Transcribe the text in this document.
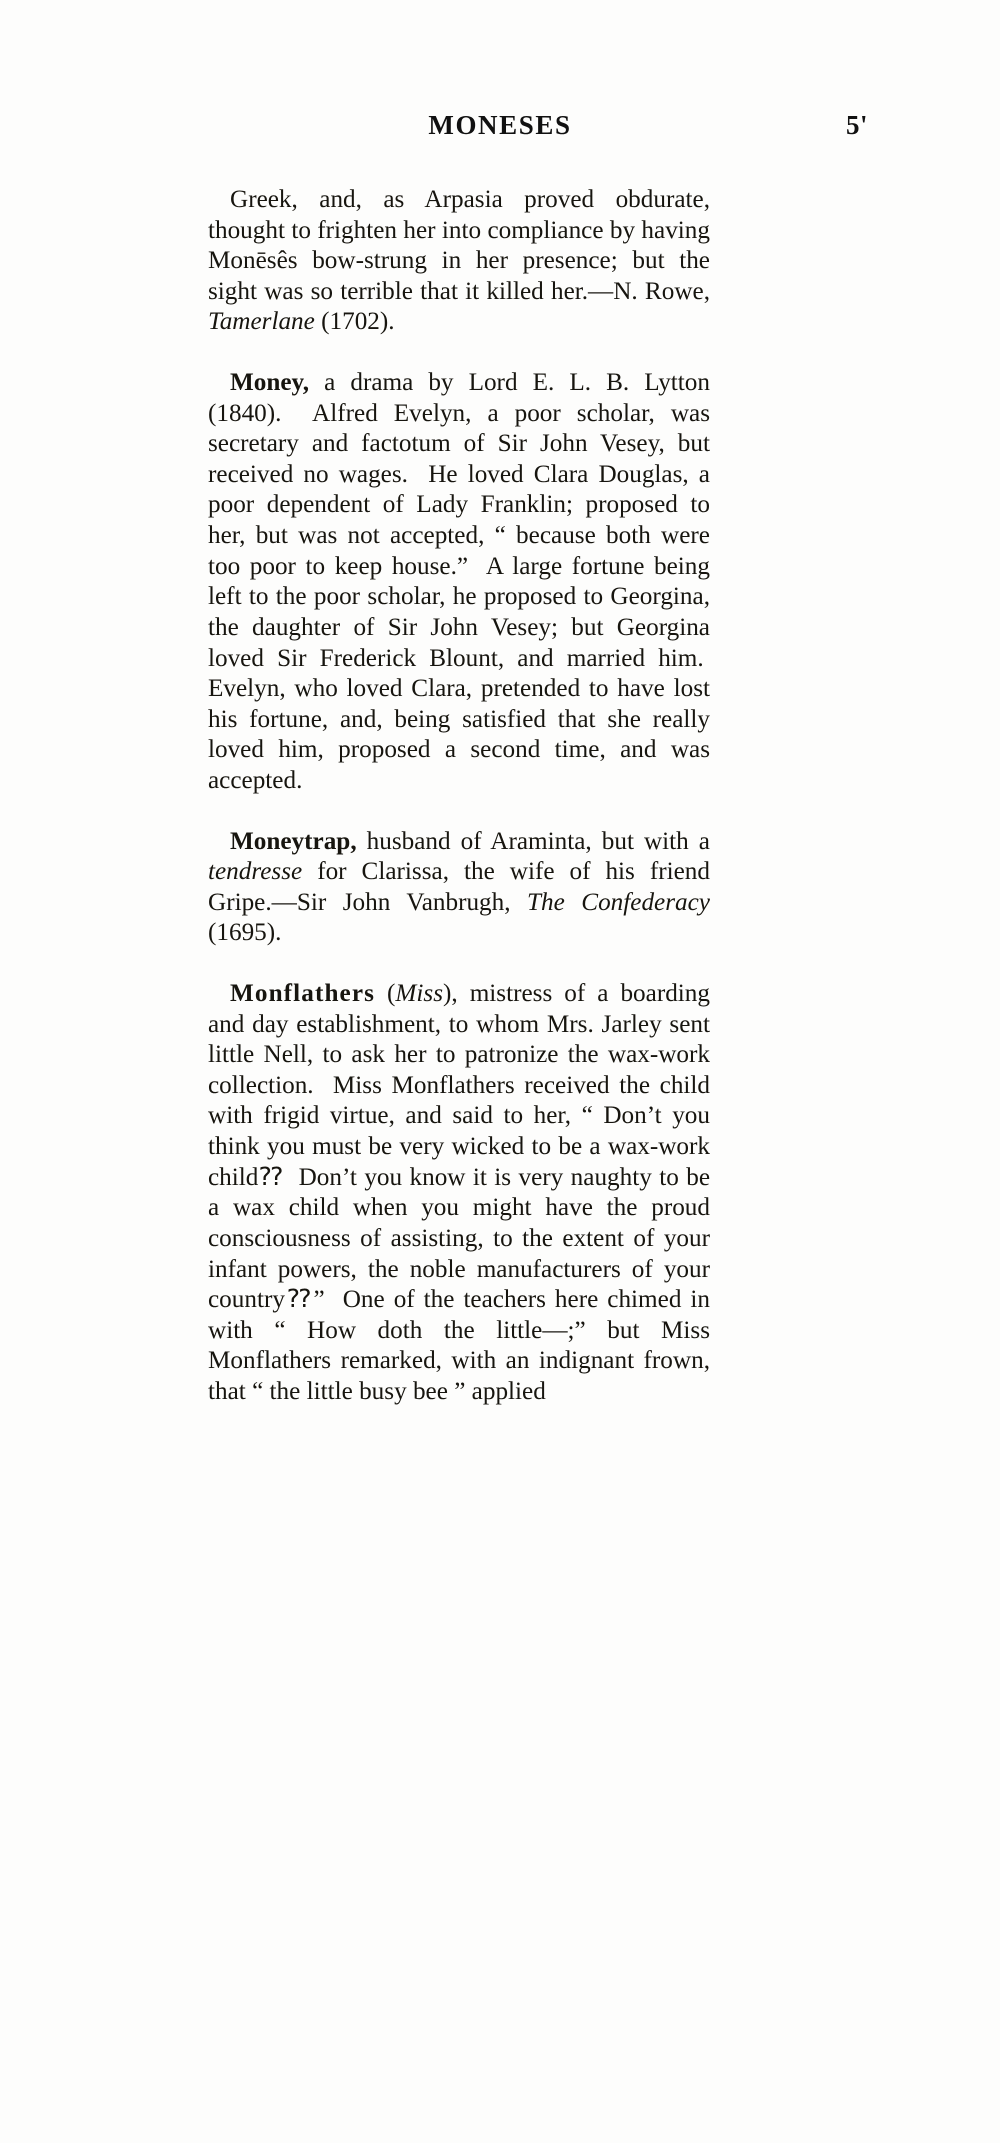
MONESES	5'

Greek, and, as Arpasia proved obdurate, thought to frighten her into compliance by having Monēsês bow-strung in her presence; but the sight was so terrible that it killed her.—N. Rowe, Tamerlane (1702).

Money, a drama by Lord E. L. B. Lytton (1840).  Alfred Evelyn, a poor scholar, was secretary and factotum of Sir John Vesey, but received no wages.  He loved Clara Douglas, a poor dependent of Lady Franklin; proposed to her, but was not accepted, “ because both were too poor to keep house.”  A large fortune being left to the poor scholar, he proposed to Georgina, the daughter of Sir John Vesey; but Georgina loved Sir Frederick Blount, and married him.  Evelyn, who loved Clara, pretended to have lost his fortune, and, being satisfied that she really loved him, proposed a second time, and was accepted.

Moneytrap, husband of Araminta, but with a tendresse for Clarissa, the wife of his friend Gripe.—Sir John Vanbrugh, The Confederacy (1695).

Monflathers (Miss), mistress of a boarding and day establishment, to whom Mrs. Jarley sent little Nell, to ask her to patronize the wax-work collection.  Miss Monflathers received the child with frigid virtue, and said to her, “ Don’t you think you must be very wicked to be a wax-work child⁇  Don’t you know it is very naughty to be a wax child when you might have the proud consciousness of assisting, to the extent of your infant powers, the noble manufacturers of your country⁇”  One of the teachers here chimed in with “ How doth the little—;” but Miss Monflathers remarked, with an indignant frown, that “ the little busy bee ” applied
